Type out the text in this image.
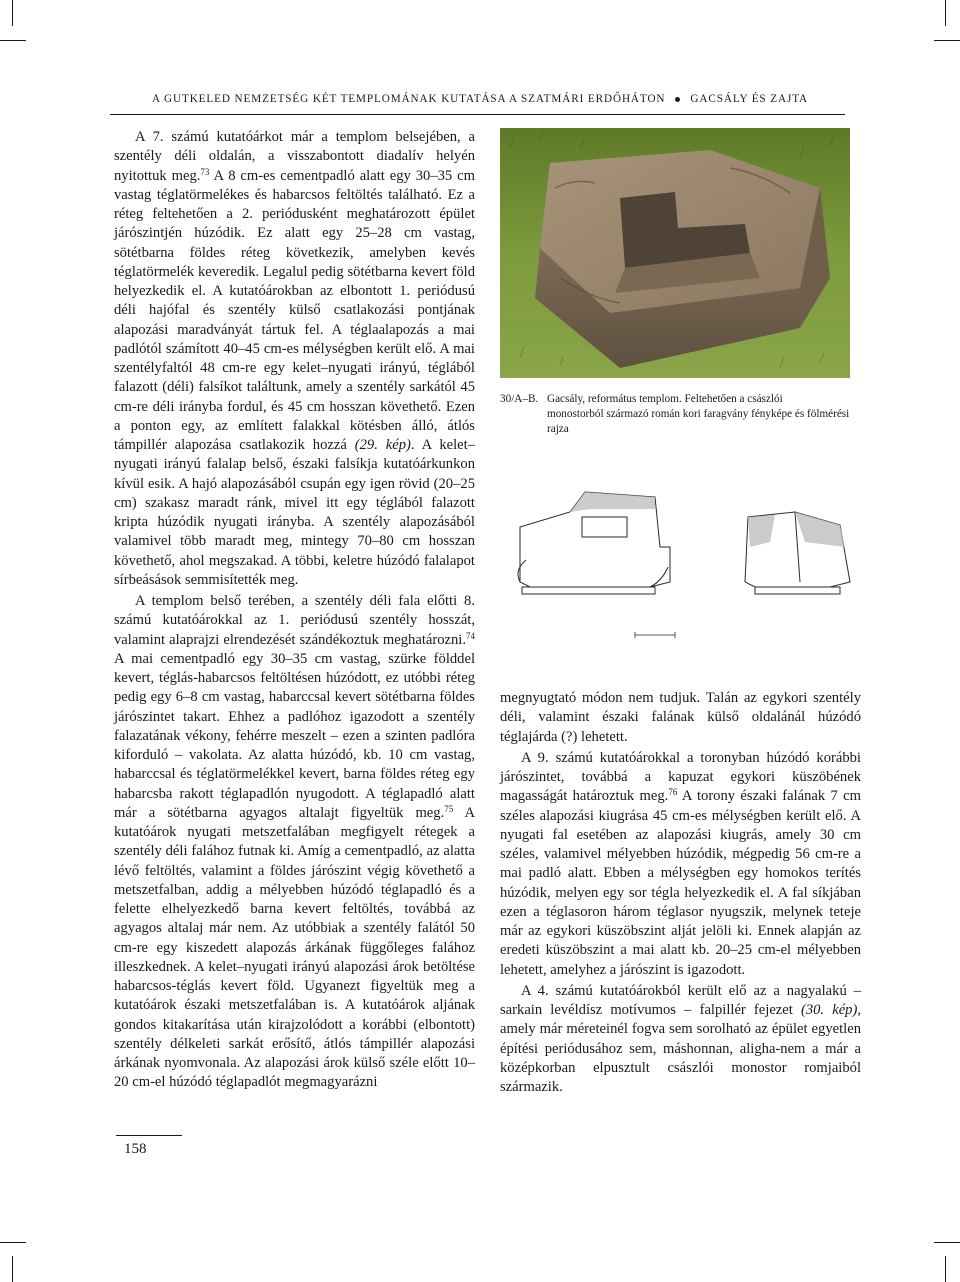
A GUTKELED NEMZETSÉG KÉT TEMPLOMÁNAK KUTATÁSA A SZATMÁRI ERDŐHÁTON GACSÁLY ÉS ZAJTA

A 7. számú kutatóárkot már a templom belsejében, a szentély déli oldalán, a visszabontott diadalív helyén nyitottuk meg.$^{73}$ A 8 cm-es cementpadló alatt egy 30–35 cm vastag téglatörmelékes és habarcsos feltöltés található. Ez a réteg feltehetően a 2. periódusként meghatározott épület járószintjén húzódik. Ez alatt egy 25–28 cm vastag, sötétbarna földes réteg következik, amelyben kevés téglatörmelék keveredik. Legalul pedig sötétbarna kevert föld helyezkedik el. A kutatóárokban az elbontott 1. periódusú déli hajófal és szentély külső csatlakozási pontjának alapozási maradványát tártuk fel. A téglaalapozás a mai padlótól számított 40–45 cm-es mélységben került elő. A mai szentélyfaltól 48 cm-re egy kelet–nyugati irányú, téglából falazott (déli) falsíkot találtunk, amely a szentély sarkától 45 cm-re déli irányba fordul, és 45 cm hosszan követhető. Ezen a ponton egy, az említett falakkal kötésben álló, átlós támpillér alapozása csatlakozik hozzá (29. kép). A kelet–nyugati irányú falalap belső, északi falsíkja kutatóárkunkon kívül esik. A hajó alapozásából csupán egy igen rövid (20–25 cm) szakasz maradt ránk, mivel itt egy téglából falazott kripta húzódik nyugati irányba. A szentély alapozásából valamivel több maradt meg, mintegy 70–80 cm hosszan követhető, ahol megszakad. A többi, keletre húzódó falalapot sírbeásások semmisítették meg.

A templom belső terében, a szentély déli fala előtti 8. számú kutatóárokkal az 1. periódusú szentély hosszát, valamint alaprajzi elrendezését szándékoztuk meghatározni.$^{74}$ A mai cementpadló egy 30–35 cm vastag, szürke földdel kevert, téglás-habarcsos feltöltésen húzódott, ez utóbbi réteg pedig egy 6–8 cm vastag, habarccsal kevert sötétbarna földes járószintet takart. Ehhez a padlóhoz igazodott a szentély falazatának vékony, fehérre meszelt – ezen a szinten padlóra kiforduló – vakolata. Az alatta húzódó, kb. 10 cm vastag, habarccsal és téglatörmelékkel kevert, barna földes réteg egy habarcsba rakott téglapadlón nyugodott. A téglapadló alatt már a sötétbarna agyagos altalajt figyeltük meg.$^{75}$ A kutatóárok nyugati metszetfalában megfigyelt rétegek a szentély déli falához futnak ki. Amíg a cementpadló, az alatta lévő feltöltés, valamint a földes járószint végig követhető a metszetfalban, addig a mélyebben húzódó téglapadló és a felette elhelyezkedő barna kevert feltöltés, továbbá az agyagos altalaj már nem. Az utóbbiak a szentély falától 50 cm-re egy kiszedett alapozás árkának függőleges falához illeszkednek. A kelet–nyugati irányú alapozási árok betöltése habarcsos-téglás kevert föld. Ugyanezt figyeltük meg a kutatóárok északi metszetfalában is. A kutatóárok aljának gondos kitakarítása után kirajzolódott a korábbi (elbontott) szentély délkeleti sarkát erősítő, átlós támpillér alapozási árkának nyomvonala. Az alapozási árok külső széle előtt 10–20 cm-el húzódó téglapadlót megmagyarázni

30/A–B. Gacsály, református templom. Feltehetően a császlói
monostorból származó román kori faragvány fényképe és fölmérési rajza

megnyugtató módon nem tudjuk. Talán az egykori szentély déli, valamint északi falának külső oldalánál húzódó téglajárda (?) lehetett.

A 9. számú kutatóárokkal a toronyban húzódó korábbi járószintet, továbbá a kapuzat egykori küszöbének magasságát határoztuk meg.$^{76}$ A torony északi falának 7 cm széles alapozási kiugrása 45 cm-es mélységben került elő. A nyugati fal esetében az alapozási kiugrás, amely 30 cm széles, valamivel mélyebben húzódik, mégpedig 56 cm-re a mai padló alatt. Ebben a mélységben egy homokos terítés húzódik, melyen egy sor tégla helyezkedik el. A fal síkjában ezen a téglasoron három téglasor nyugszik, melynek teteje már az egykori küszöbszint alját jelöli ki. Ennek alapján az eredeti küszöbszint a mai alatt kb. 20–25 cm-el mélyebben lehetett, amelyhez a járószint is igazodott.

A 4. számú kutatóárokból került elő az a nagyalakú – sarkain levéldísz motívumos – falpillér fejezet (30. kép), amely már méreteinél fogva sem sorolható az épület egyetlen építési periódusához sem, máshonnan, aligha-nem a már a középkorban elpusztult császlói monostor romjaiból származik.

158
